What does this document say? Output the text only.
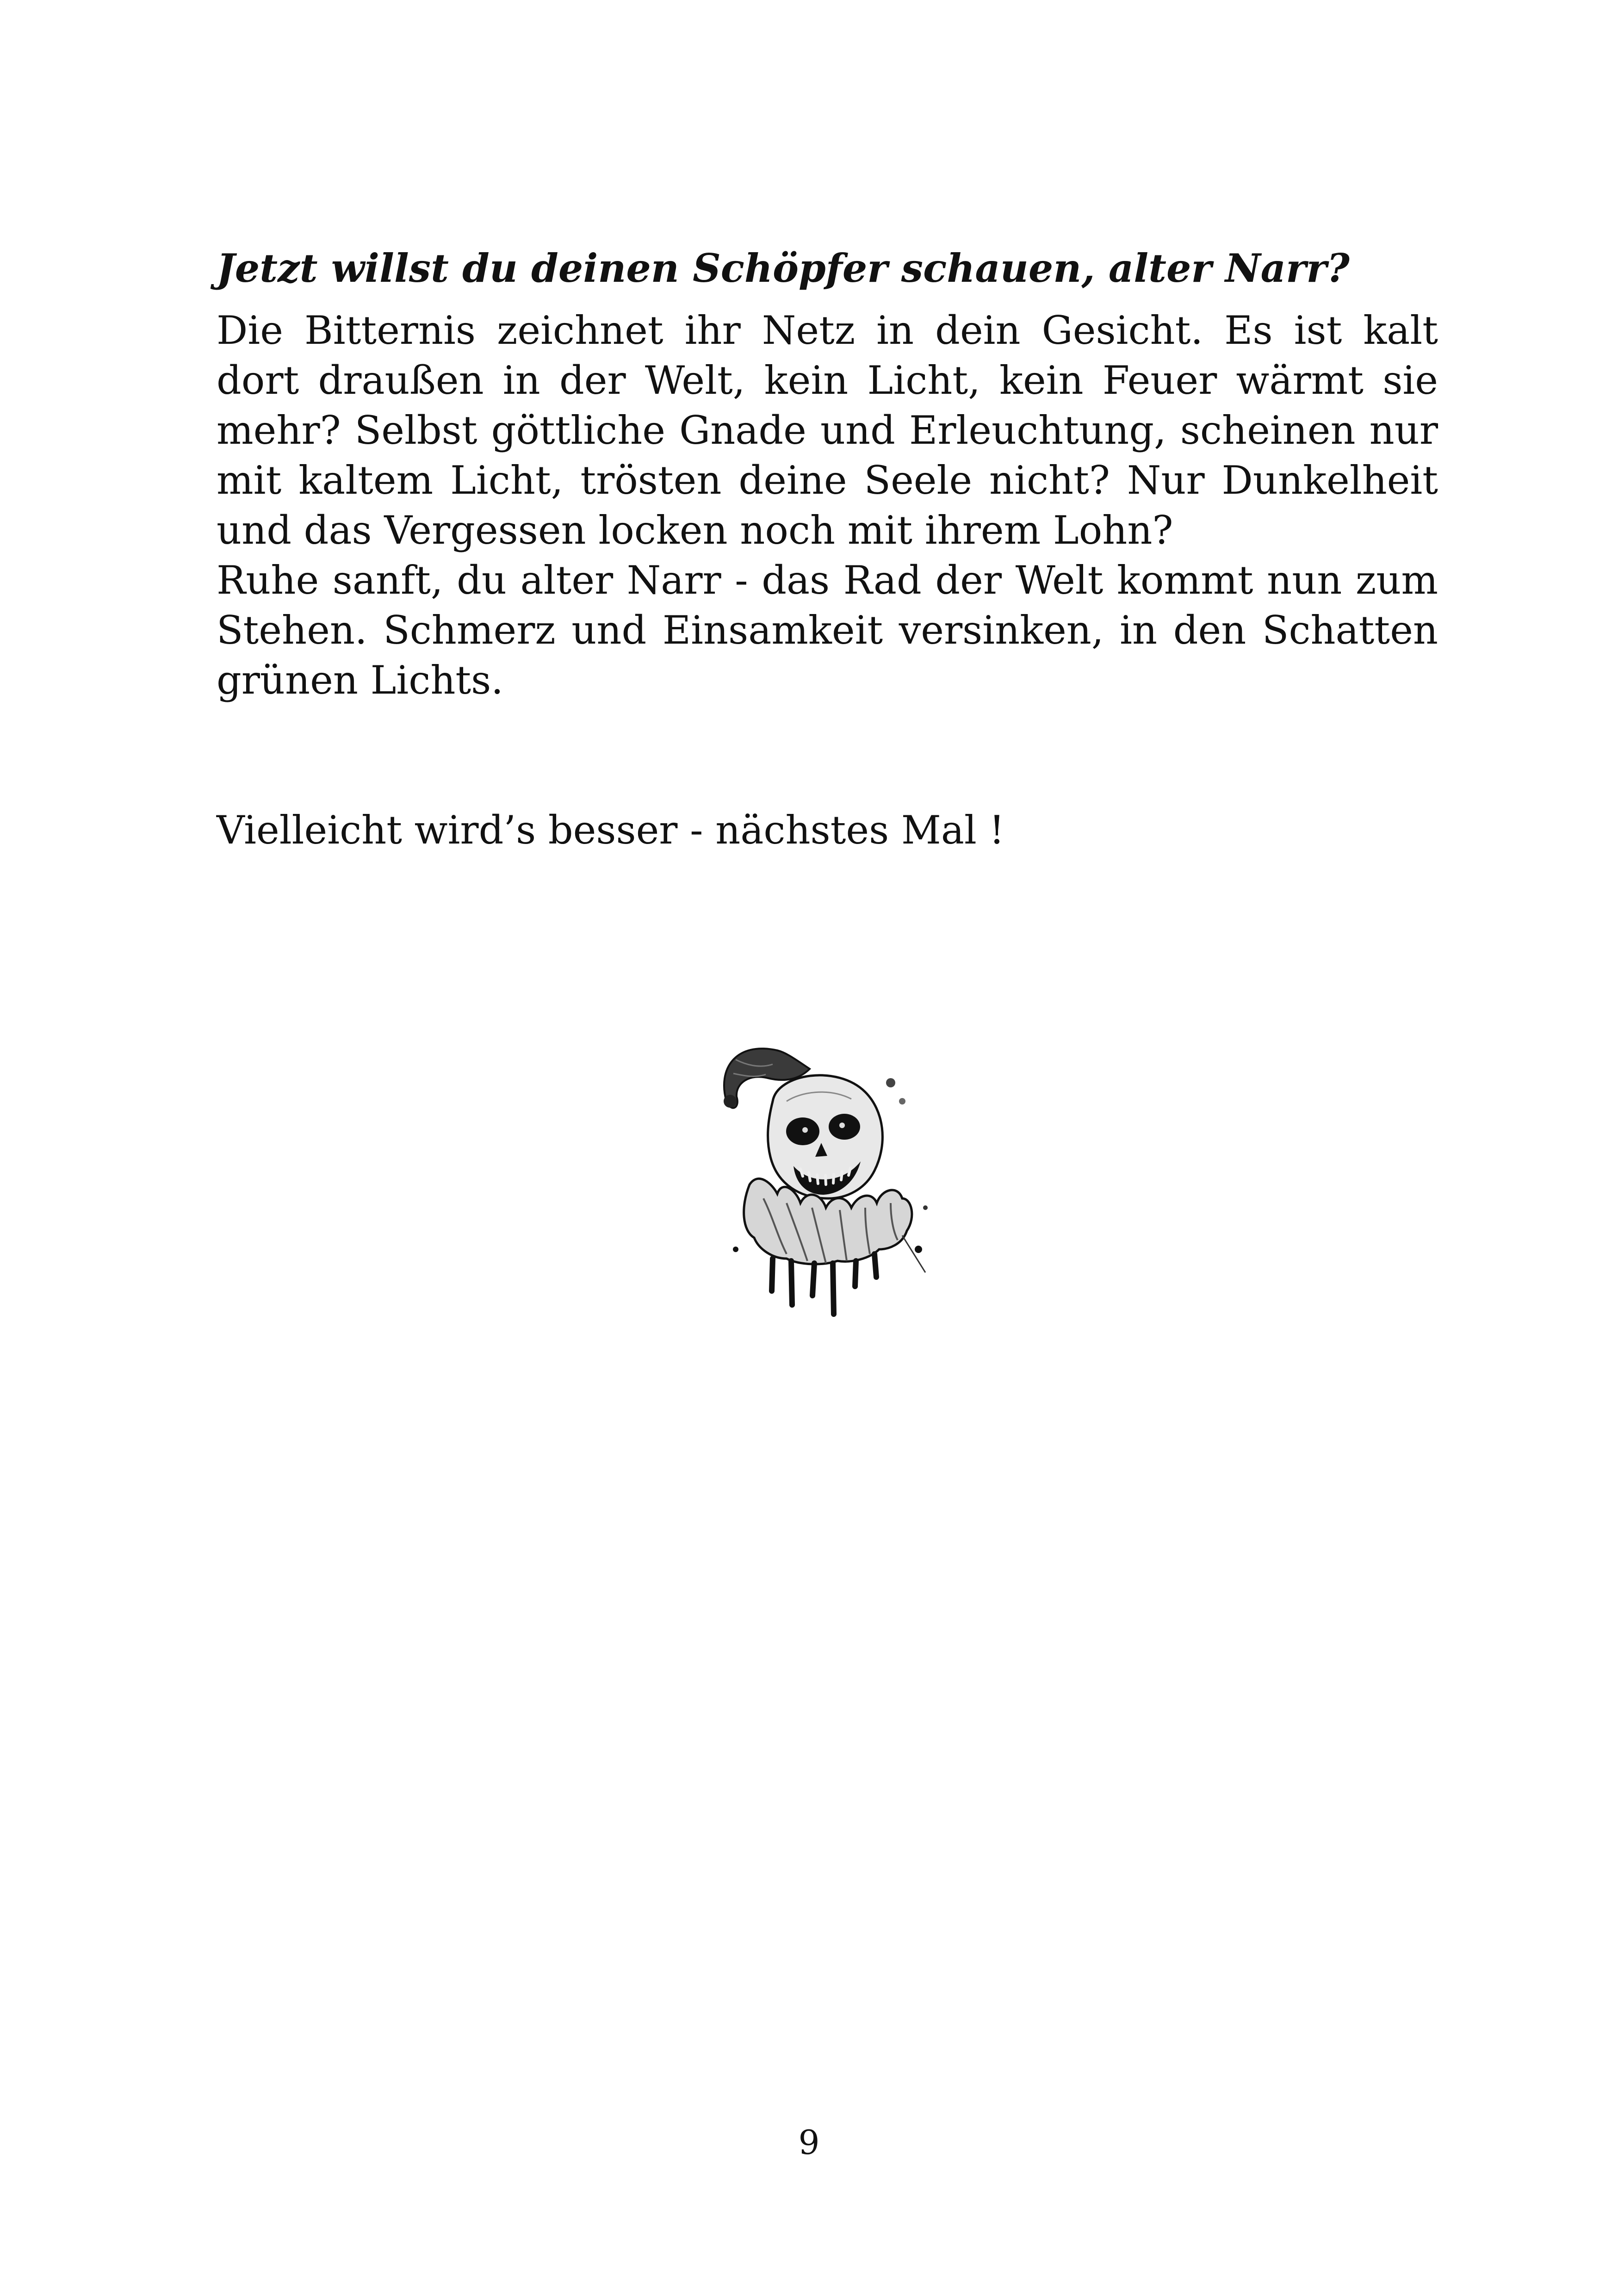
Jetzt willst du deinen Schöpfer schauen, alter Narr?

Die Bitternis zeichnet ihr Netz in dein Gesicht. Es ist kalt dort draußen in der Welt, kein Licht, kein Feuer wärmt sie mehr? Selbst göttliche Gnade und Erleuchtung, scheinen nur mit kaltem Licht, trösten deine Seele nicht? Nur Dunkelheit und das Vergessen locken noch mit ihrem Lohn?

Ruhe sanft, du alter Narr - das Rad der Welt kommt nun zum Stehen. Schmerz und Einsamkeit versinken, in den Schatten grünen Lichts.

Vielleicht wird’s besser - nächstes Mal !

9
